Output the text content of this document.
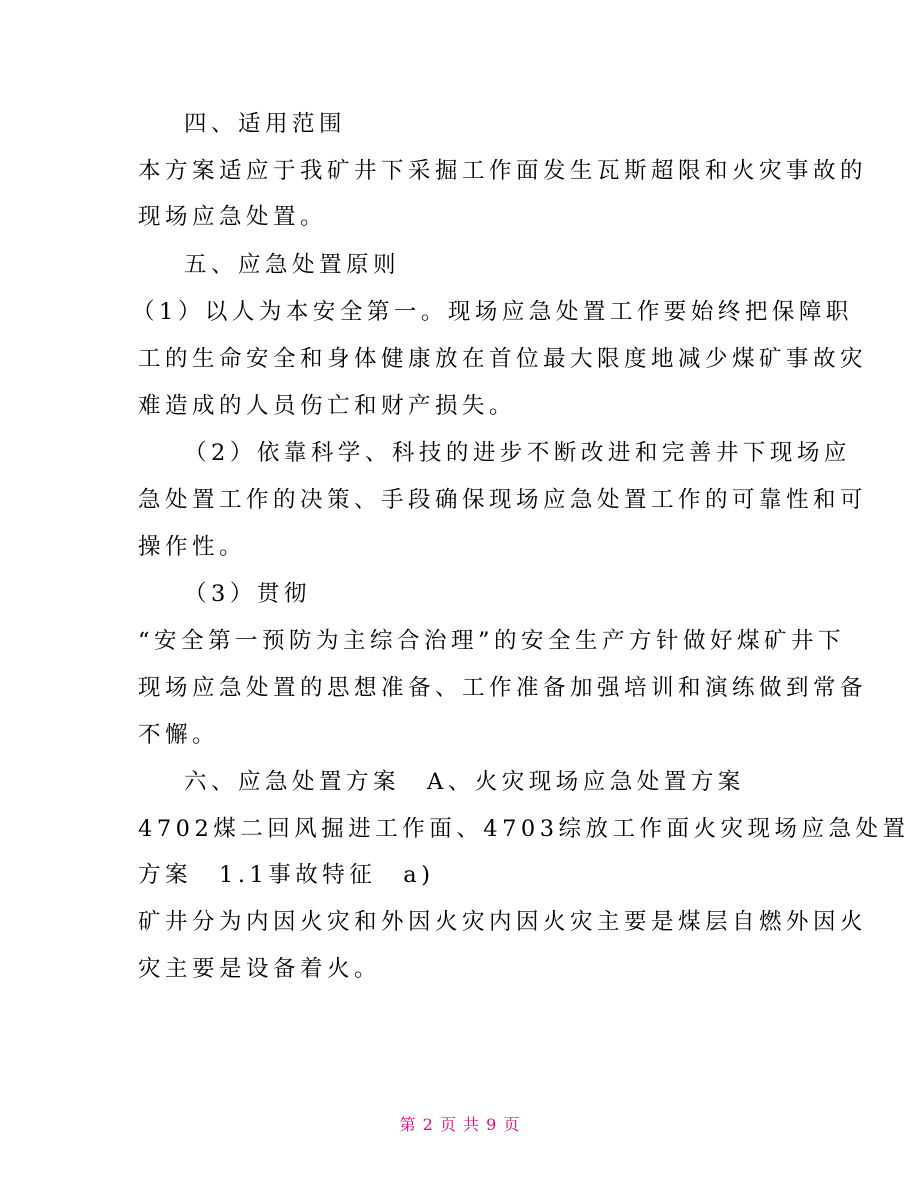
四、适用范围

本方案适应于我矿井下采掘工作面发生瓦斯超限和火灾事故的

现场应急处置。

五、应急处置原则

（1）以人为本安全第一。现场应急处置工作要始终把保障职

工的生命安全和身体健康放在首位最大限度地减少煤矿事故灾

难造成的人员伤亡和财产损失。

（2）依靠科学、科技的进步不断改进和完善井下现场应

急处置工作的决策、手段确保现场应急处置工作的可靠性和可

操作性。

（3）贯彻

“安全第一预防为主综合治理”的安全生产方针做好煤矿井下

现场应急处置的思想准备、工作准备加强培训和演练做到常备

不懈。

六、应急处置方案　A、火灾现场应急处置方案

4702煤二回风掘进工作面、4703综放工作面火灾现场应急处置

方案　1.1事故特征　a)

矿井分为内因火灾和外因火灾内因火灾主要是煤层自燃外因火

灾主要是设备着火。

第 2 页 共 9 页
